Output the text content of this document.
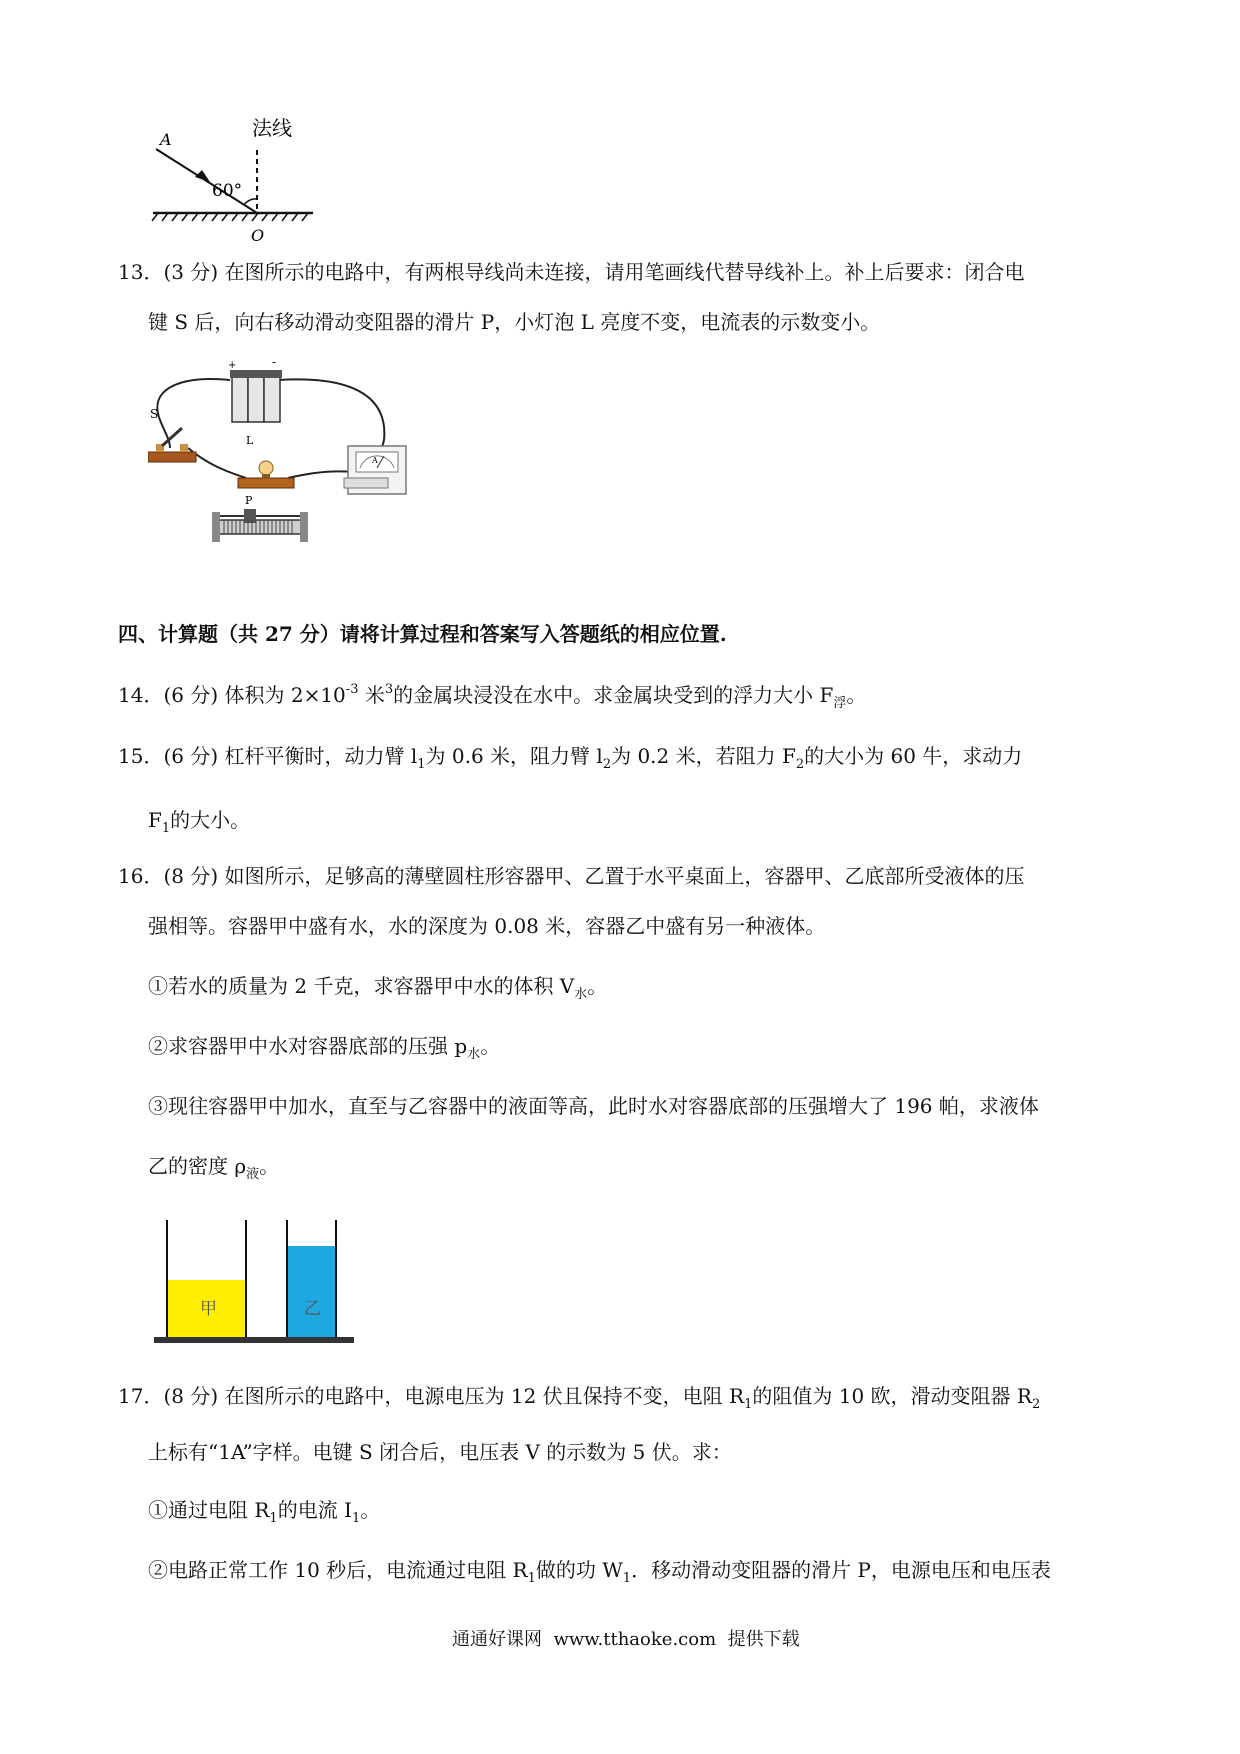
法线
A
60°
O
13．(3 分) 在图所示的电路中，有两根导线尚未连接，请用笔画线代替导线补上。补上后要求：闭合电
键 S 后，向右移动滑动变阻器的滑片 P，小灯泡 L 亮度不变，电流表的示数变小。
+	-
S
L
A
P
四、计算题（共 27 分）请将计算过程和答案写入答题纸的相应位置.
14．(6 分) 体积为 $2\times 10^{-3}$ 米$^3$的金属块浸没在水中。求金属块受到的浮力大小 $F_浮$。
15．(6 分) 杠杆平衡时，动力臂 $l_1$为 0.6 米，阻力臂 $l_2$为 0.2 米，若阻力 $F_2$的大小为 60 牛，求动力
$F_1$的大小。
16．(8 分) 如图所示，足够高的薄壁圆柱形容器甲、乙置于水平桌面上，容器甲、乙底部所受液体的压
强相等。容器甲中盛有水，水的深度为 0.08 米，容器乙中盛有另一种液体。
①若水的质量为 2 千克，求容器甲中水的体积 $V_水$。
②求容器甲中水对容器底部的压强 $p_水$。
③现往容器甲中加水，直至与乙容器中的液面等高，此时水对容器底部的压强增大了 196 帕，求液体
乙的密度 $\rho_液$。
甲	乙
17．(8 分) 在图所示的电路中，电源电压为 12 伏且保持不变，电阻 $R_1$的阻值为 10 欧，滑动变阻器 $R_2$
上标有“1A”字样。电键 S 闭合后，电压表 V 的示数为 5 伏。求：
①通过电阻 $R_1$的电流 $I_1$。
②电路正常工作 10 秒后，电流通过电阻 $R_1$做的功 $W_1$．移动滑动变阻器的滑片 P，电源电压和电压表
通通好课网  www.tthaoke.com  提供下载
